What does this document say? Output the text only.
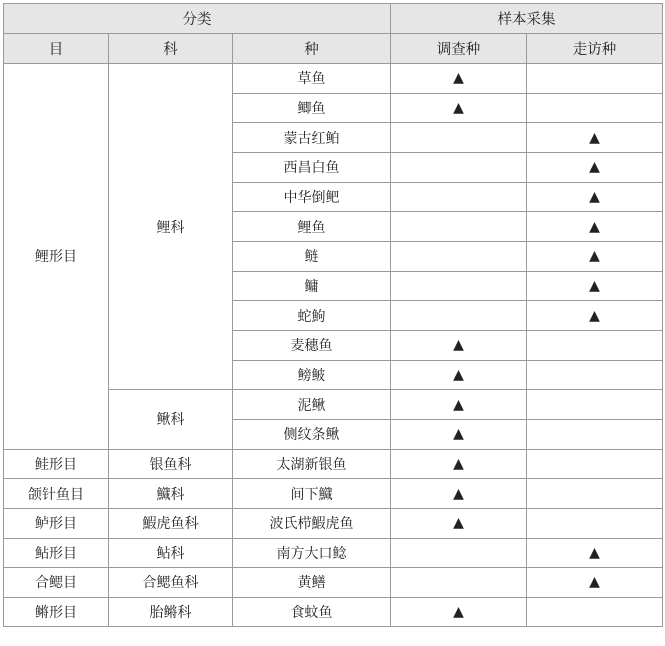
分类			样本采集	
目	科	种	调查种	走访种
鲤形目	鲤科	草鱼	▲	
		鲫鱼	▲	
		蒙古红鲌		▲
		西昌白鱼		▲
		中华倒鲃		▲
		鲤鱼		▲
		鲢		▲
		鳙		▲
		蛇鮈		▲
		麦穗鱼	▲	
		鳑鲏	▲	
	鳅科	泥鳅	▲	
		侧纹条鳅	▲	
鲑形目	银鱼科	太湖新银鱼	▲	
颌针鱼目	鱵科	间下鱵	▲	
鲈形目	鰕虎鱼科	波氏栉鰕虎鱼	▲	
鲇形目	鲇科	南方大口鲶		▲
合鳃目	合鳃鱼科	黄鳝		▲
鳉形目	胎鳉科	食蚊鱼	▲	
